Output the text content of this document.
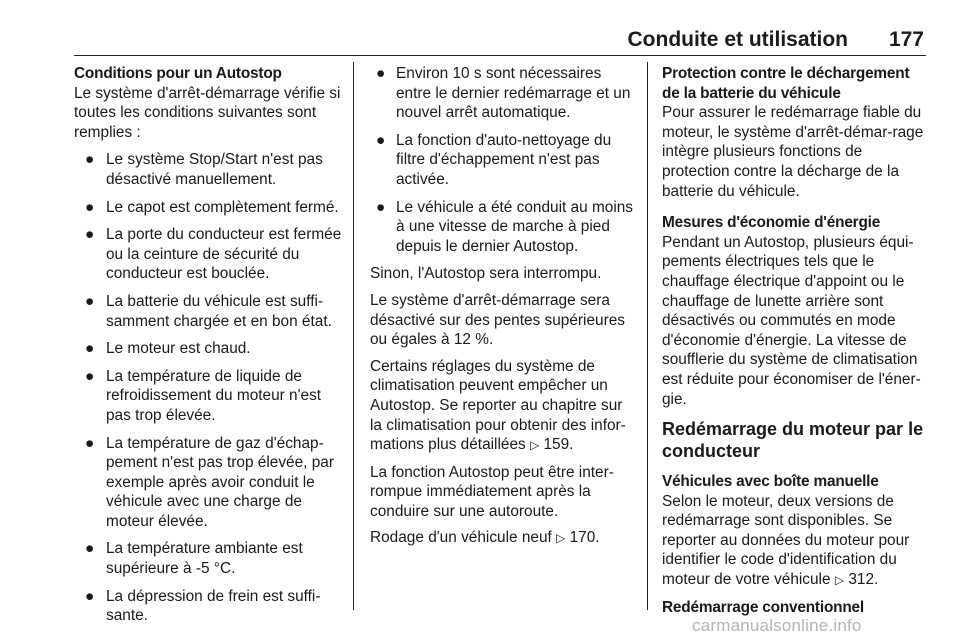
Conduite et utilisation 177
Conditions pour un Autostop

Le système d'arrêt-démarrage vérifie si toutes les conditions suivantes sont remplies :

● Le système Stop/Start n'est pas désactivé manuellement.
● Le capot est complètement fermé.
● La porte du conducteur est fermée ou la ceinture de sécurité du conducteur est bouclée.
● La batterie du véhicule est suffi-samment chargée et en bon état.
● Le moteur est chaud.
● La température de liquide de refroidissement du moteur n'est pas trop élevée.
● La température de gaz d'échap-pement n'est pas trop élevée, par exemple après avoir conduit le véhicule avec une charge de moteur élevée.
● La température ambiante est supérieure à -5 °C.
● La dépression de frein est suffi-sante.
● Environ 10 s sont nécessaires entre le dernier redémarrage et un nouvel arrêt automatique.
● La fonction d'auto-nettoyage du filtre d'échappement n'est pas activée.
● Le véhicule a été conduit au moins à une vitesse de marche à pied depuis le dernier Autostop.

Sinon, l'Autostop sera interrompu.

Le système d'arrêt-démarrage sera désactivé sur des pentes supérieures ou égales à 12 %.

Certains réglages du système de climatisation peuvent empêcher un Autostop. Se reporter au chapitre sur la climatisation pour obtenir des infor-mations plus détaillées ▷ 159.

La fonction Autostop peut être inter-rompue immédiatement après la conduire sur une autoroute.

Rodage d'un véhicule neuf ▷ 170.

Protection contre le déchargement de la batterie du véhicule

Pour assurer le redémarrage fiable du moteur, le système d'arrêt-démar-rage intègre plusieurs fonctions de protection contre la décharge de la batterie du véhicule.

Mesures d'économie d'énergie

Pendant un Autostop, plusieurs équi-pements électriques tels que le chauffage électrique d'appoint ou le chauffage de lunette arrière sont désactivés ou commutés en mode d'économie d'énergie. La vitesse de soufflerie du système de climatisation est réduite pour économiser de l'éner-gie.

Redémarrage du moteur par le conducteur
Véhicules avec boîte manuelle

Selon le moteur, deux versions de redémarrage sont disponibles. Se reporter au données du moteur pour identifier le code d'identification du moteur de votre véhicule ▷ 312.

Redémarrage conventionnel
carmanualsonline.info
